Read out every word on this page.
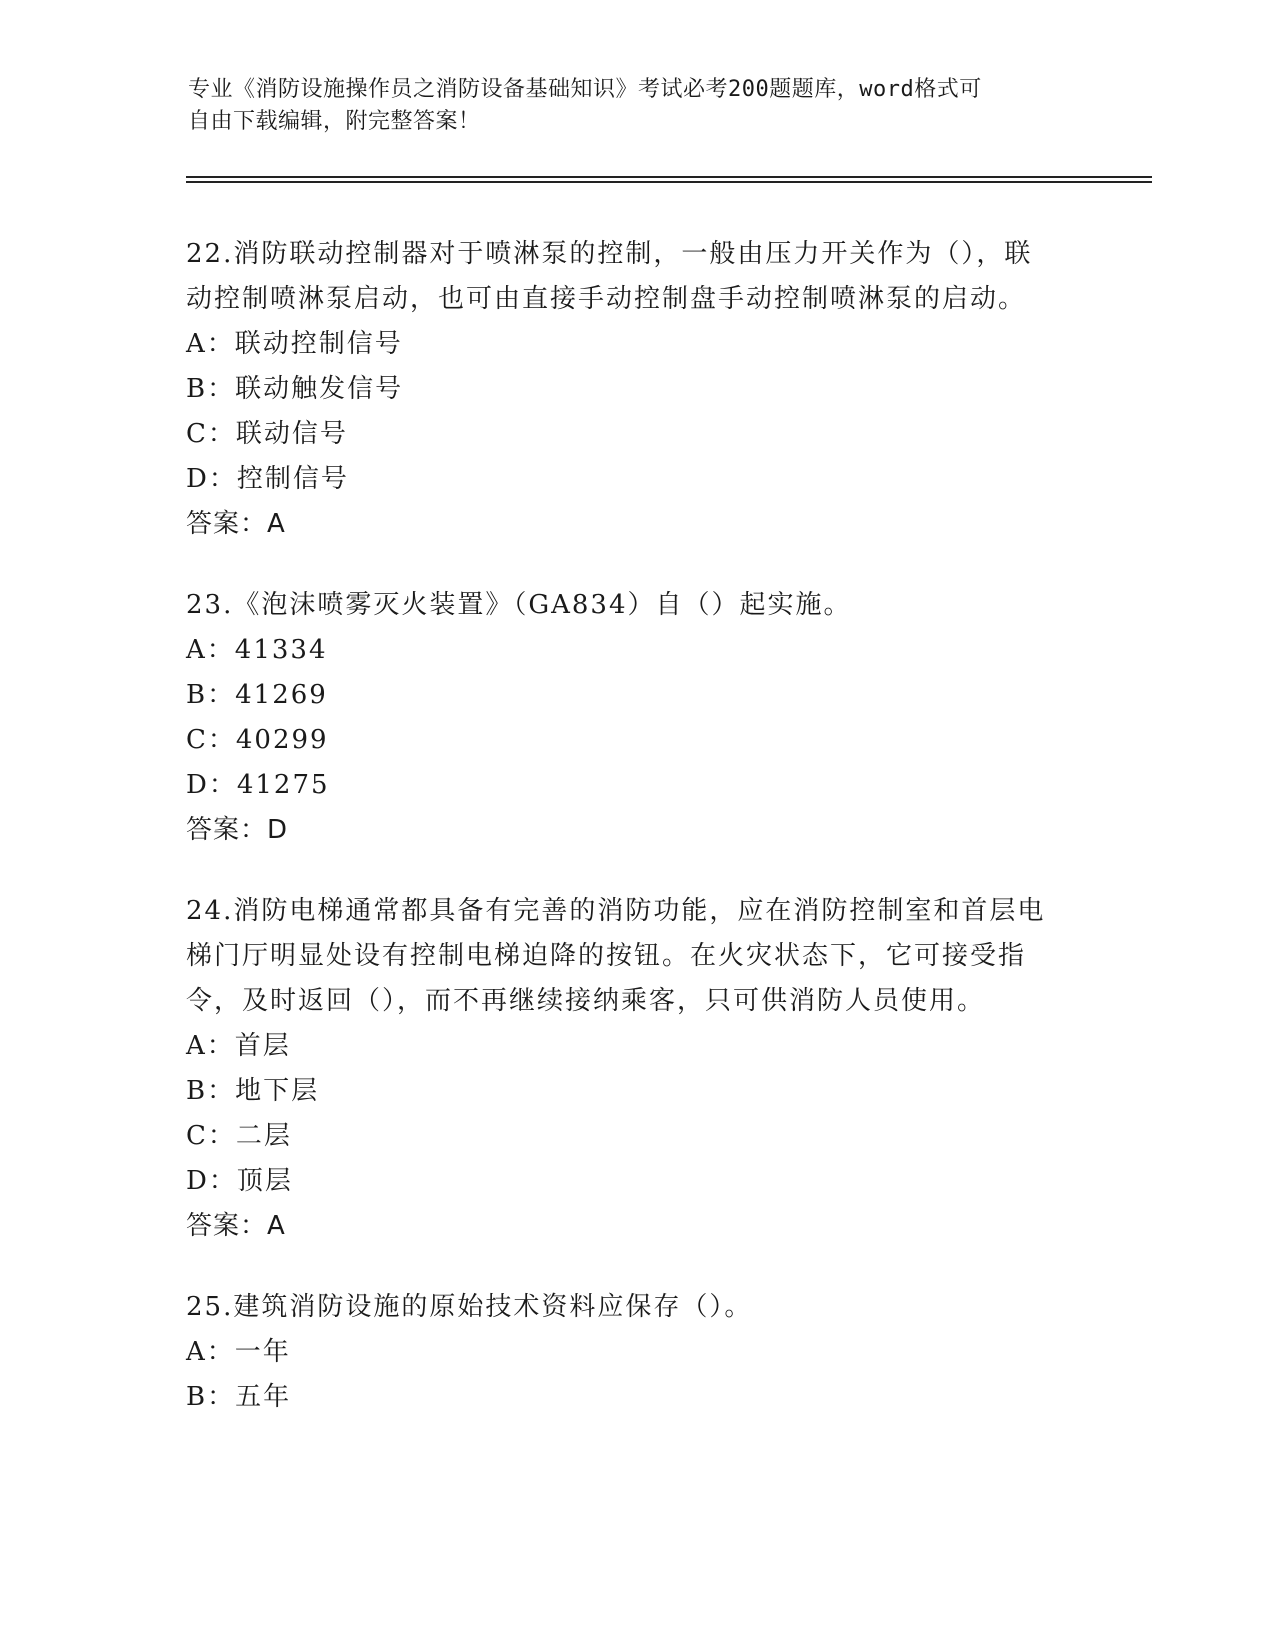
专业《消防设施操作员之消防设备基础知识》考试必考200题题库，word格式可
自由下载编辑，附完整答案！
22.消防联动控制器对于喷淋泵的控制，一般由压力开关作为（），联
动控制喷淋泵启动，也可由直接手动控制盘手动控制喷淋泵的启动。
A：联动控制信号
B：联动触发信号
C：联动信号
D：控制信号
答案：A
23.《泡沫喷雾灭火装置》（GA834）自（）起实施。
A：41334
B：41269
C：40299
D：41275
答案：D
24.消防电梯通常都具备有完善的消防功能，应在消防控制室和首层电
梯门厅明显处设有控制电梯迫降的按钮。在火灾状态下，它可接受指
令，及时返回（），而不再继续接纳乘客，只可供消防人员使用。
A：首层
B：地下层
C：二层
D：顶层
答案：A
25.建筑消防设施的原始技术资料应保存（）。
A：一年
B：五年
